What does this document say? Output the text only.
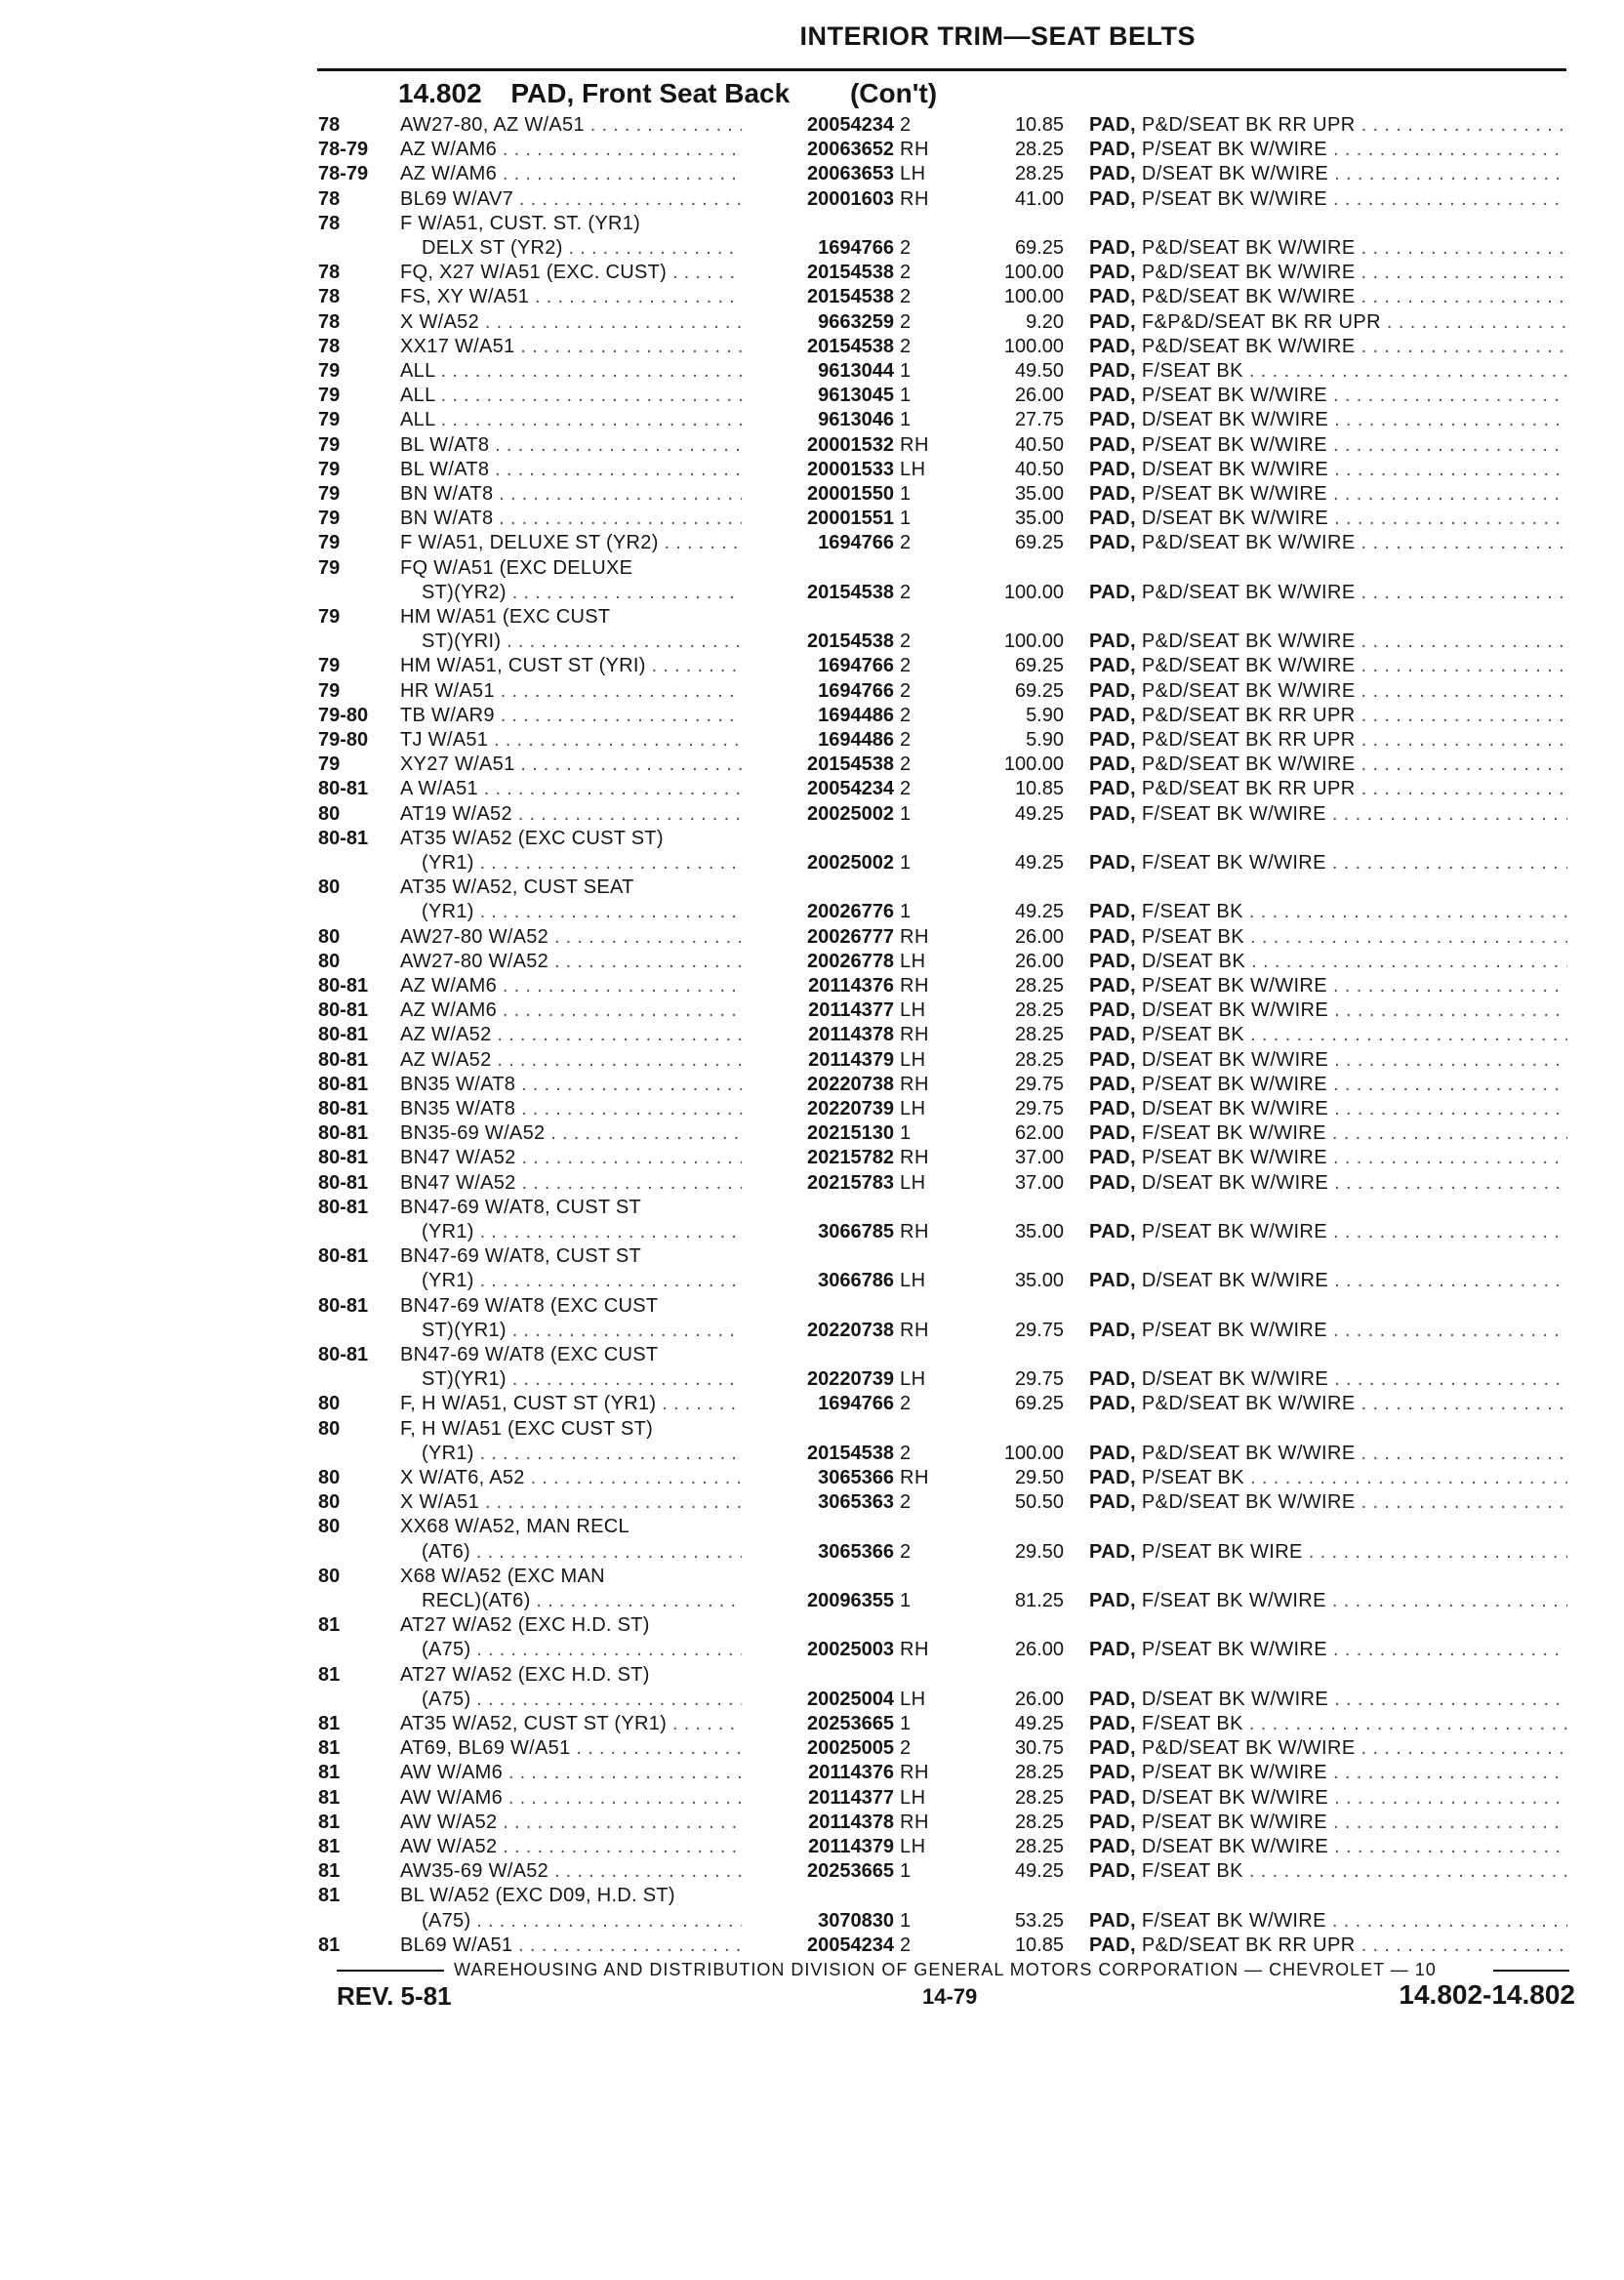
INTERIOR TRIM—SEAT BELTS
14.802 PAD, Front Seat Back (Con't)
78	AW27-80, AZ W/A51 . . .	20054234 2	10.85 PAD, P&D/SEAT BK RR UPR . . .
78-79	AZ W/AM6 . . .	20063652 RH	28.25 PAD, P/SEAT BK W/WIRE . . .
78-79	AZ W/AM6 . . .	20063653 LH	28.25 PAD, D/SEAT BK W/WIRE . . .
78	BL69 W/AV7 . . .	20001603 RH	41.00 PAD, P/SEAT BK W/WIRE . . .
78	F W/A51, CUST. ST. (YR1)
DELX ST (YR2) . . .	1694766 2	69.25 PAD, P&D/SEAT BK W/WIRE . . .
78	FQ, X27 W/A51 (EXC. CUST) . . .	20154538 2	100.00 PAD, P&D/SEAT BK W/WIRE . . .
78	FS, XY W/A51 . . .	20154538 2	100.00 PAD, P&D/SEAT BK W/WIRE . . .
78	X W/A52 . . .	9663259 2	9.20 PAD, F&P&D/SEAT BK RR UPR . . .
78	XX17 W/A51 . . .	20154538 2	100.00 PAD, P&D/SEAT BK W/WIRE . . .
79	ALL . . .	9613044 1	49.50 PAD, F/SEAT BK . . .
79	ALL . . .	9613045 1	26.00 PAD, P/SEAT BK W/WIRE . . .
79	ALL . . .	9613046 1	27.75 PAD, D/SEAT BK W/WIRE . . .
79	BL W/AT8 . . .	20001532 RH	40.50 PAD, P/SEAT BK W/WIRE . . .
79	BL W/AT8 . . .	20001533 LH	40.50 PAD, D/SEAT BK W/WIRE . . .
79	BN W/AT8 . . .	20001550 1	35.00 PAD, P/SEAT BK W/WIRE . . .
79	BN W/AT8 . . .	20001551 1	35.00 PAD, D/SEAT BK W/WIRE . . .
79	F W/A51, DELUXE ST (YR2) . . .	1694766 2	69.25 PAD, P&D/SEAT BK W/WIRE . . .
79	FQ W/A51 (EXC DELUXE
ST)(YR2) . . .	20154538 2	100.00 PAD, P&D/SEAT BK W/WIRE . . .
79	HM W/A51 (EXC CUST
ST)(YRI) . . .	20154538 2	100.00 PAD, P&D/SEAT BK W/WIRE . . .
79	HM W/A51, CUST ST (YRI) . . .	1694766 2	69.25 PAD, P&D/SEAT BK W/WIRE . . .
79	HR W/A51 . . .	1694766 2	69.25 PAD, P&D/SEAT BK W/WIRE . . .
79-80	TB W/AR9 . . .	1694486 2	5.90 PAD, P&D/SEAT BK RR UPR . . .
79-80	TJ W/A51 . . .	1694486 2	5.90 PAD, P&D/SEAT BK RR UPR . . .
79	XY27 W/A51 . . .	20154538 2	100.00 PAD, P&D/SEAT BK W/WIRE . . .
80-81	A W/A51 . . .	20054234 2	10.85 PAD, P&D/SEAT BK RR UPR . . .
80	AT19 W/A52 . . .	20025002 1	49.25 PAD, F/SEAT BK W/WIRE . . .
80-81	AT35 W/A52 (EXC CUST ST)
(YR1) . . .	20025002 1	49.25 PAD, F/SEAT BK W/WIRE . . .
80	AT35 W/A52, CUST SEAT
(YR1) . . .	20026776 1	49.25 PAD, F/SEAT BK . . .
80	AW27-80 W/A52 . . .	20026777 RH	26.00 PAD, P/SEAT BK . . .
80	AW27-80 W/A52 . . .	20026778 LH	26.00 PAD, D/SEAT BK . . .
80-81	AZ W/AM6 . . .	20114376 RH	28.25 PAD, P/SEAT BK W/WIRE . . .
80-81	AZ W/AM6 . . .	20114377 LH	28.25 PAD, D/SEAT BK W/WIRE . . .
80-81	AZ W/A52 . . .	20114378 RH	28.25 PAD, P/SEAT BK . . .
80-81	AZ W/A52 . . .	20114379 LH	28.25 PAD, D/SEAT BK W/WIRE . . .
80-81	BN35 W/AT8 . . .	20220738 RH	29.75 PAD, P/SEAT BK W/WIRE . . .
80-81	BN35 W/AT8 . . .	20220739 LH	29.75 PAD, D/SEAT BK W/WIRE . . .
80-81	BN35-69 W/A52 . . .	20215130 1	62.00 PAD, F/SEAT BK W/WIRE . . .
80-81	BN47 W/A52 . . .	20215782 RH	37.00 PAD, P/SEAT BK W/WIRE . . .
80-81	BN47 W/A52 . . .	20215783 LH	37.00 PAD, D/SEAT BK W/WIRE . . .
80-81	BN47-69 W/AT8, CUST ST
(YR1) . . .	3066785 RH	35.00 PAD, P/SEAT BK W/WIRE . . .
80-81	BN47-69 W/AT8, CUST ST
(YR1) . . .	3066786 LH	35.00 PAD, D/SEAT BK W/WIRE . . .
80-81	BN47-69 W/AT8 (EXC CUST
ST)(YR1) . . .	20220738 RH	29.75 PAD, P/SEAT BK W/WIRE . . .
80-81	BN47-69 W/AT8 (EXC CUST
ST)(YR1) . . .	20220739 LH	29.75 PAD, D/SEAT BK W/WIRE . . .
80	F, H W/A51, CUST ST (YR1) . . .	1694766 2	69.25 PAD, P&D/SEAT BK W/WIRE . . .
80	F, H W/A51 (EXC CUST ST)
(YR1) . . .	20154538 2	100.00 PAD, P&D/SEAT BK W/WIRE . . .
80	X W/AT6, A52 . . .	3065366 RH	29.50 PAD, P/SEAT BK . . .
80	X W/A51 . . .	3065363 2	50.50 PAD, P&D/SEAT BK W/WIRE . . .
80	XX68 W/A52, MAN RECL
(AT6) . . .	3065366 2	29.50 PAD, P/SEAT BK WIRE . . .
80	X68 W/A52 (EXC MAN
RECL)(AT6) . . .	20096355 1	81.25 PAD, F/SEAT BK W/WIRE . . .
81	AT27 W/A52 (EXC H.D. ST)
(A75) . . .	20025003 RH	26.00 PAD, P/SEAT BK W/WIRE . . .
81	AT27 W/A52 (EXC H.D. ST)
(A75) . . .	20025004 LH	26.00 PAD, D/SEAT BK W/WIRE . . .
81	AT35 W/A52, CUST ST (YR1) . . .	20253665 1	49.25 PAD, F/SEAT BK . . .
81	AT69, BL69 W/A51 . . .	20025005 2	30.75 PAD, P&D/SEAT BK W/WIRE . . .
81	AW W/AM6 . . .	20114376 RH	28.25 PAD, P/SEAT BK W/WIRE . . .
81	AW W/AM6 . . .	20114377 LH	28.25 PAD, D/SEAT BK W/WIRE . . .
81	AW W/A52 . . .	20114378 RH	28.25 PAD, P/SEAT BK W/WIRE . . .
81	AW W/A52 . . .	20114379 LH	28.25 PAD, D/SEAT BK W/WIRE . . .
81	AW35-69 W/A52 . . .	20253665 1	49.25 PAD, F/SEAT BK . . .
81	BL W/A52 (EXC D09, H.D. ST)
(A75) . . .	3070830 1	53.25 PAD, F/SEAT BK W/WIRE . . .
81	BL69 W/A51 . . .	20054234 2	10.85 PAD, P&D/SEAT BK RR UPR . . .
WAREHOUSING AND DISTRIBUTION DIVISION OF GENERAL MOTORS CORPORATION — CHEVROLET — 10
REV. 5-81	14-79	14.802-14.802
